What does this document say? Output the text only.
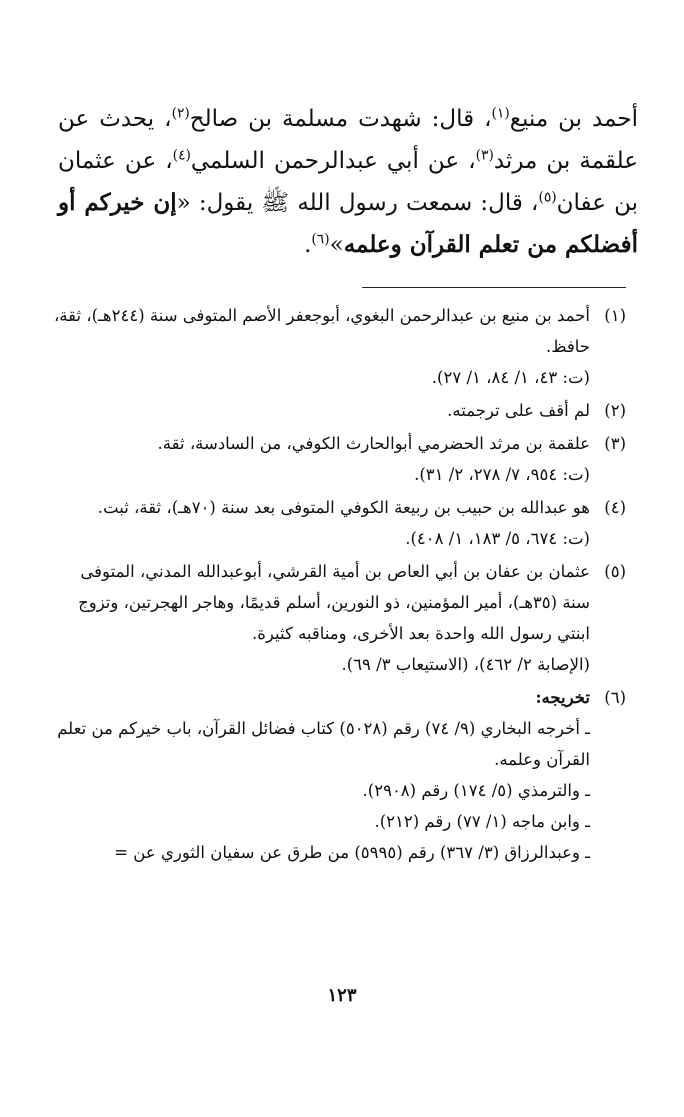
أحمد بن منيع$^{(١)}$، قال: شهدت مسلمة بن صالح$^{(٢)}$، يحدث عن علقمة بن مرثد$^{(٣)}$، عن أبي عبدالرحمن السلمي$^{(٤)}$، عن عثمان بن عفان$^{(٥)}$، قال: سمعت رسول الله ﷺ يقول: «إن خيركم أو أفضلكم من تعلم القرآن وعلمه»$^{(٦)}$.

(١)

أحمد بن منيع بن عبدالرحمن البغوي، أبوجعفر الأصم المتوفى سنة (٢٤٤هـ)، ثقة، حافظ.

(ت: ٤٣، ١/ ٨٤، ١/ ٢٧).

(٢)

لم أقف على ترجمته.

(٣)

علقمة بن مرثد الحضرمي أبوالحارث الكوفي، من السادسة، ثقة.

(ت: ٩٥٤، ٧/ ٢٧٨، ٢/ ٣١).

(٤)

هو عبدالله بن حبيب بن ربيعة الكوفي المتوفى بعد سنة (٧٠هـ)، ثقة، ثبت.

(ت: ٦٧٤، ٥/ ١٨٣، ١/ ٤٠٨).

(٥)

عثمان بن عفان بن أبي العاص بن أمية القرشي، أبوعبدالله المدني، المتوفى سنة (٣٥هـ)، أمير المؤمنين، ذو النورين، أسلم قديمًا، وهاجر الهجرتين، وتزوج ابنتي رسول الله واحدة بعد الأخرى، ومناقبه كثيرة.

(الإصابة ٢/ ٤٦٢)، (الاستيعاب ٣/ ٦٩).

(٦)

تخريجه:

ـ أخرجه البخاري (٩/ ٧٤) رقم (٥٠٢٨) كتاب فضائل القرآن، باب خيركم من تعلم القرآن وعلمه.

ـ والترمذي (٥/ ١٧٤) رقم (٢٩٠٨).

ـ وابن ماجه (١/ ٧٧) رقم (٢١٢).

ـ وعبدالرزاق (٣/ ٣٦٧) رقم (٥٩٩٥) من طرق عن سفيان الثوري عن =

١٢٣
